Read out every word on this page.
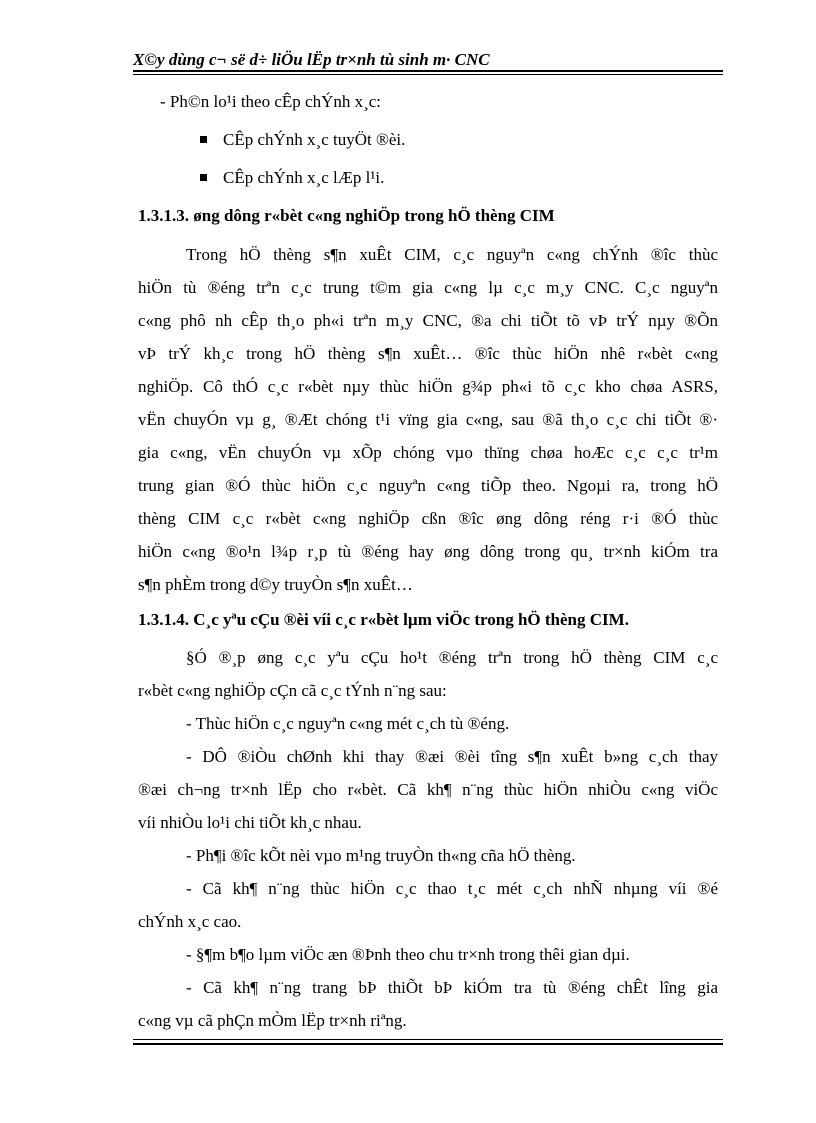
X©y dùng c¬ së d÷ liÖu lËp tr×nh tù sinh m· CNC
- Ph©n lo¹i theo cÊp chÝnh x¸c:
CÊp chÝnh x¸c tuyÖt ®èi.
CÊp chÝnh x¸c lÆp l¹i.
1.3.1.3. øng dông r«bèt c«ng nghiÖp trong hÖ thèng CIM
Trong hÖ thèng s¶n xuÊt CIM, c¸c nguyªn c«ng chÝnh ®îc thùc
hiÖn tù ®éng trªn c¸c trung t©m gia c«ng lµ c¸c m¸y CNC. C¸c nguyªn
c«ng phô nh cÊp th¸o ph«i trªn m¸y CNC, ®a chi tiÕt tõ vÞ trÝ nµy ®Õn
vÞ trÝ kh¸c trong hÖ thèng s¶n xuÊt… ®îc thùc hiÖn nhê r«bèt c«ng
nghiÖp. Cô thÓ c¸c r«bèt nµy thùc hiÖn g¾p ph«i tõ c¸c kho chøa ASRS,
vËn chuyÓn vµ g¸ ®Æt chóng t¹i vïng gia c«ng, sau ®ã th¸o c¸c chi tiÕt ®·
gia c«ng, vËn chuyÓn vµ xÕp chóng vµo thïng chøa hoÆc c¸c c¸c tr¹m
trung gian ®Ó thùc hiÖn c¸c nguyªn c«ng tiÕp theo. Ngoµi ra, trong hÖ
thèng CIM c¸c r«bèt c«ng nghiÖp cßn ®îc øng dông réng r·i ®Ó thùc
hiÖn c«ng ®o¹n l¾p r¸p tù ®éng hay øng dông trong qu¸ tr×nh kiÓm tra
s¶n phÈm trong d©y truyÒn s¶n xuÊt…
1.3.1.4. C¸c yªu cÇu ®èi víi c¸c r«bèt lµm viÖc trong hÖ thèng CIM.
§Ó ®¸p øng c¸c yªu cÇu ho¹t ®éng trªn trong hÖ thèng CIM c¸c
r«bèt c«ng nghiÖp cÇn cã c¸c tÝnh n¨ng sau:
- Thùc hiÖn c¸c nguyªn c«ng mét c¸ch tù ®éng.
- DÔ ®iÒu chØnh khi thay ®æi ®èi tîng s¶n xuÊt b»ng c¸ch thay
®æi ch¬ng tr×nh lËp cho r«bèt. Cã kh¶ n¨ng thùc hiÖn nhiÒu c«ng viÖc
víi nhiÒu lo¹i chi tiÕt kh¸c nhau.
- Ph¶i ®îc kÕt nèi vµo m¹ng truyÒn th«ng cña hÖ thèng.
- Cã kh¶ n¨ng thùc hiÖn c¸c thao t¸c mét c¸ch nhÑ nhµng víi ®é
chÝnh x¸c cao.
- §¶m b¶o lµm viÖc æn ®Þnh theo chu tr×nh trong thêi gian dµi.
- Cã kh¶ n¨ng trang bÞ thiÕt bÞ kiÓm tra tù ®éng chÊt lîng gia
c«ng vµ cã phÇn mÒm lËp tr×nh riªng.
